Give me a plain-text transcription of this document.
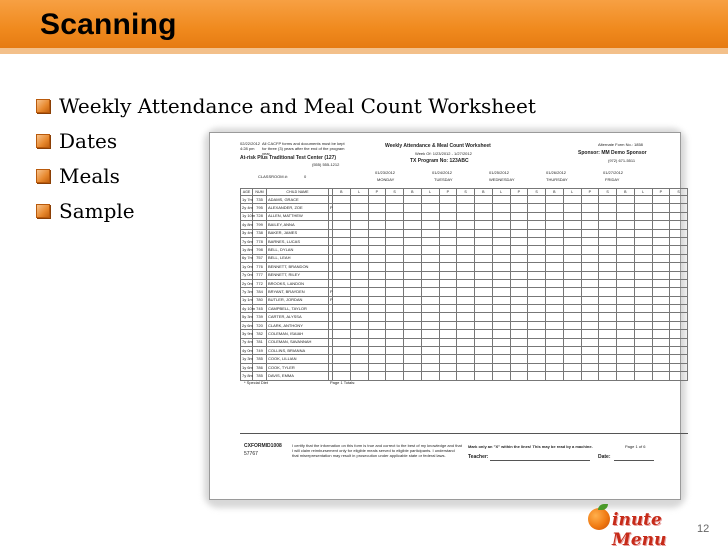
Scanning
Weekly Attendance and Meal Count Worksheet
Dates
Meals
Sample
02/22/2012
4:28 pm
All CACFP forms and documents must be kept for three (3) years after the end of the program year.
At-risk Plus Traditional Test Center (127)
(555) 555-1212
Weekly Attendance & Meal Count Worksheet
Week Of: 1/23/2012 - 1/27/2012
TX Program No: 123ABC
Alternate Form No.: 1858
Sponsor: MM Demo Sponsor
(972) 671-5511
CLASSROOM #:	0
01/23/2012
MONDAY
01/24/2012
TUESDAY
01/25/2012
WEDNESDAY
01/26/2012
THURSDAY
01/27/2012
FRIDAY
AGE	NUM	CHILD NAME		B	L	P	S	B	L	P	S	B	L	P	S	B	L	P	S	B	L	P	S
1y 7m	735	ADAMS, GRACE																					
2y 4m	795	ALEXANDER, ZOE	P																				
1y 10m	728	ALLEN, MATTHEW																					
4y 8m	799	BAILEY, ANNA																					
3y 4m	738	BAKER, JAMES																					
7y 6m	778	BARNES, LUCAS																					
1y 8m	798	BELL, DYLAN																					
6y 7m	757	BELL, LEAH																					
1y 0m	776	BENNETT, BRANDON																					
7y 0m	777	BENNETT, RILEY																					
2y 0m	772	BROOKS, LANDON																					
7y 3m	784	BRYANT, BRAYDEN	P																				
1y 1m	780	BUTLER, JORDAN	P																				
4y 10m	745	CAMPBELL, TAYLOR																					
5y 3m	739	CARTER, ALYSSA																					
2y 6m	720	CLARK, ANTHONY																					
3y 9m	782	COLEMAN, ISAIAH																					
7y 4m	781	COLEMAN, SAVANNAH																					
4y 0m	749	COLLINS, BRIANNA																					
1y 3m	785	COOK, LILLIAN																					
1y 6m	786	COOK, TYLER																					
7y 8m	785	DAVIS, EMMA																					
* Special Diet	Page 1 Totals:
CXFORMID1008
57767
I certify that the information on this form is true and correct to the best of my knowledge and that I will claim reimbursement only for eligible meals served to eligible participants. I understand that misrepresentation may result in prosecution under applicable state or federal laws.
Mark only an "X" within the lines! This may be read by a machine.	Page 1 of 6
Teacher:	Date:
inute Menu
12
